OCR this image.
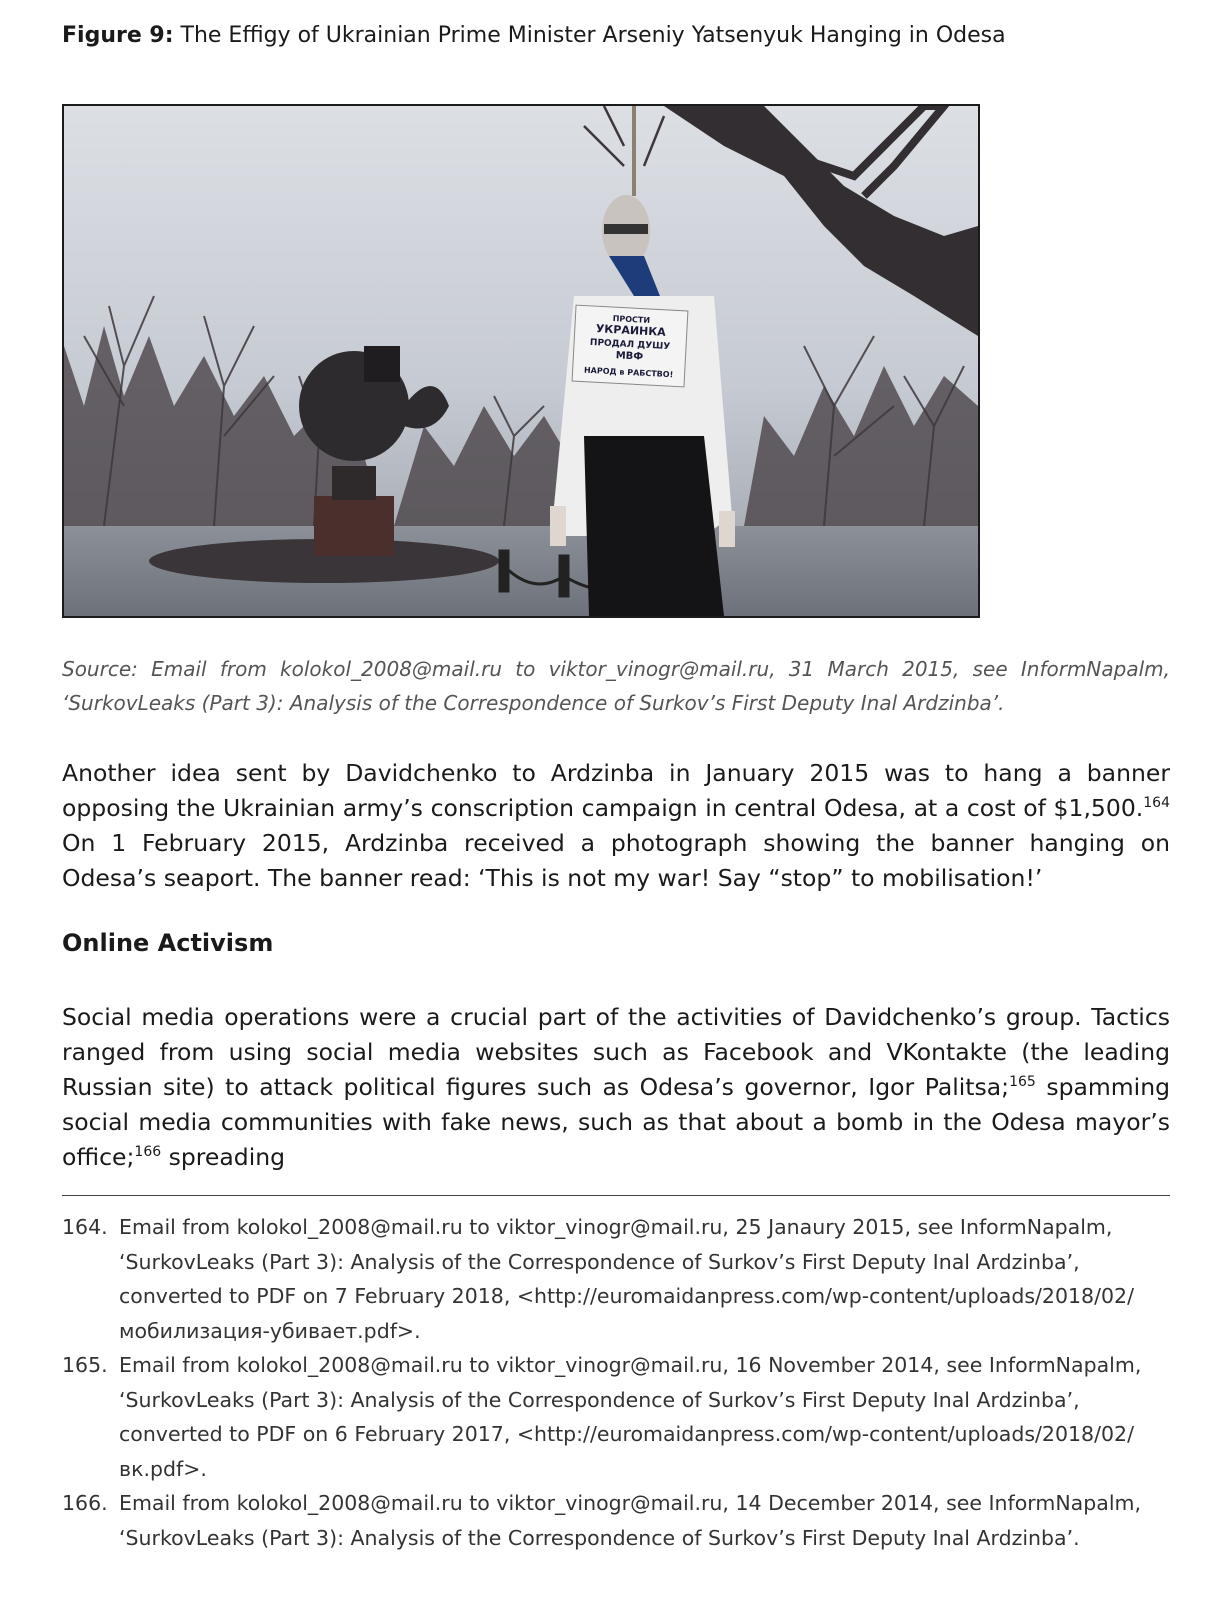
Figure 9: The Effigy of Ukrainian Prime Minister Arseniy Yatsenyuk Hanging in Odesa
ПРОСТИ
УКРАИНКА
ПРОДАЛ ДУШУ
МВФ
НАРОД в РАБСТВО!
Source: Email from kolokol_2008@mail.ru to viktor_vinogr@mail.ru, 31 March 2015, see InformNapalm, ‘SurkovLeaks (Part 3): Analysis of the Correspondence of Surkov’s First Deputy Inal Ardzinba’.
Another idea sent by Davidchenko to Ardzinba in January 2015 was to hang a banner opposing the Ukrainian army’s conscription campaign in central Odesa, at a cost of $1,500.$^{164}$ On 1 February 2015, Ardzinba received a photograph showing the banner hanging on Odesa’s seaport. The banner read: ‘This is not my war! Say “stop” to mobilisation!’
Online Activism
Social media operations were a crucial part of the activities of Davidchenko’s group. Tactics ranged from using social media websites such as Facebook and VKontakte (the leading Russian site) to attack political figures such as Odesa’s governor, Igor Palitsa;$^{165}$ spamming social media communities with fake news, such as that about a bomb in the Odesa mayor’s office;$^{166}$ spreading
164. Email from kolokol_2008@mail.ru to viktor_vinogr@mail.ru, 25 Janaury 2015, see InformNapalm, ‘SurkovLeaks (Part 3): Analysis of the Correspondence of Surkov’s First Deputy Inal Ardzinba’, converted to PDF on 7 February 2018, <http://euromaidanpress.com/wp-content/uploads/2018/02/мобилизация-убивает.pdf>.
165. Email from kolokol_2008@mail.ru to viktor_vinogr@mail.ru, 16 November 2014, see InformNapalm, ‘SurkovLeaks (Part 3): Analysis of the Correspondence of Surkov’s First Deputy Inal Ardzinba’, converted to PDF on 6 February 2017, <http://euromaidanpress.com/wp-content/uploads/2018/02/вк.pdf>.
166. Email from kolokol_2008@mail.ru to viktor_vinogr@mail.ru, 14 December 2014, see InformNapalm, ‘SurkovLeaks (Part 3): Analysis of the Correspondence of Surkov’s First Deputy Inal Ardzinba’.
